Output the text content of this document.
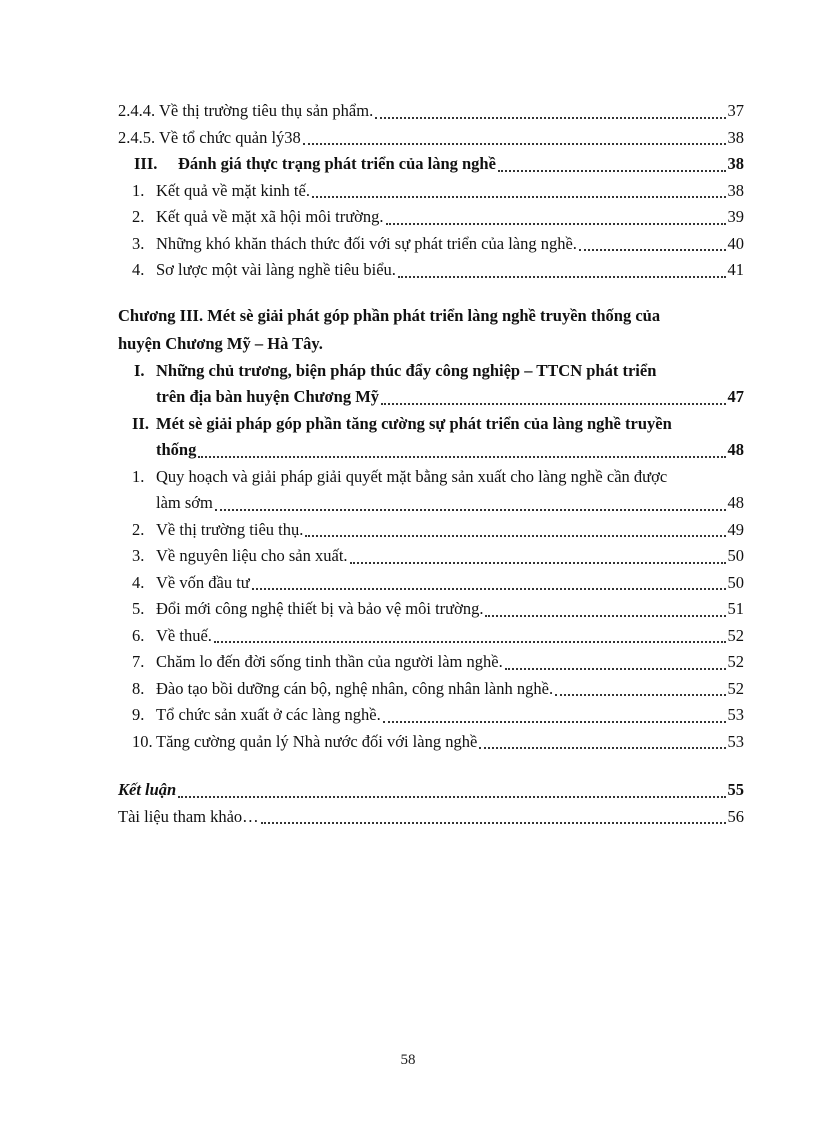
2.4.4. Về thị trường tiêu thụ sản phẩm.	37
2.4.5. Về tổ chức quản lý38	38
III.	Đánh giá thực trạng phát triển của làng nghề	38
1. Kết quả về mặt kinh tế.	38
2. Kết quả về mặt xã hội môi trường.	39
3. Những khó khăn thách thức đối với sự phát triển của làng nghề.	40
4. Sơ lược một vài làng nghề tiêu biểu.	41
Chương III. Mét sè giải phát góp phần phát triển làng nghề truyền thống của
huyện Chương Mỹ – Hà Tây.
I. Những chủ trương, biện pháp thúc đẩy công nghiệp – TTCN phát triển
trên địa bàn huyện Chương Mỹ	47
II. Mét sè giải pháp góp phần tăng cường sự phát triển của làng nghề truyền
thống	48
1. Quy hoạch và giải pháp giải quyết mặt bằng sản xuất cho làng nghề cần được
làm sớm	48
2. Về thị trường tiêu thụ.	49
3. Về nguyên liệu cho sản xuất.	50
4. Về vốn đầu tư	50
5. Đổi mới công nghệ thiết bị và bảo vệ môi trường.	51
6. Về thuế.	52
7. Chăm lo đến đời sống tinh thần của người làm nghề.	52
8. Đào tạo bồi dưỡng cán bộ, nghệ nhân, công nhân lành nghề.	52
9. Tổ chức sản xuất ở các làng nghề.	53
10. Tăng cường quản lý Nhà nước đối với làng nghề	53
Kết luận	55
Tài liệu tham khảo…	56
58
